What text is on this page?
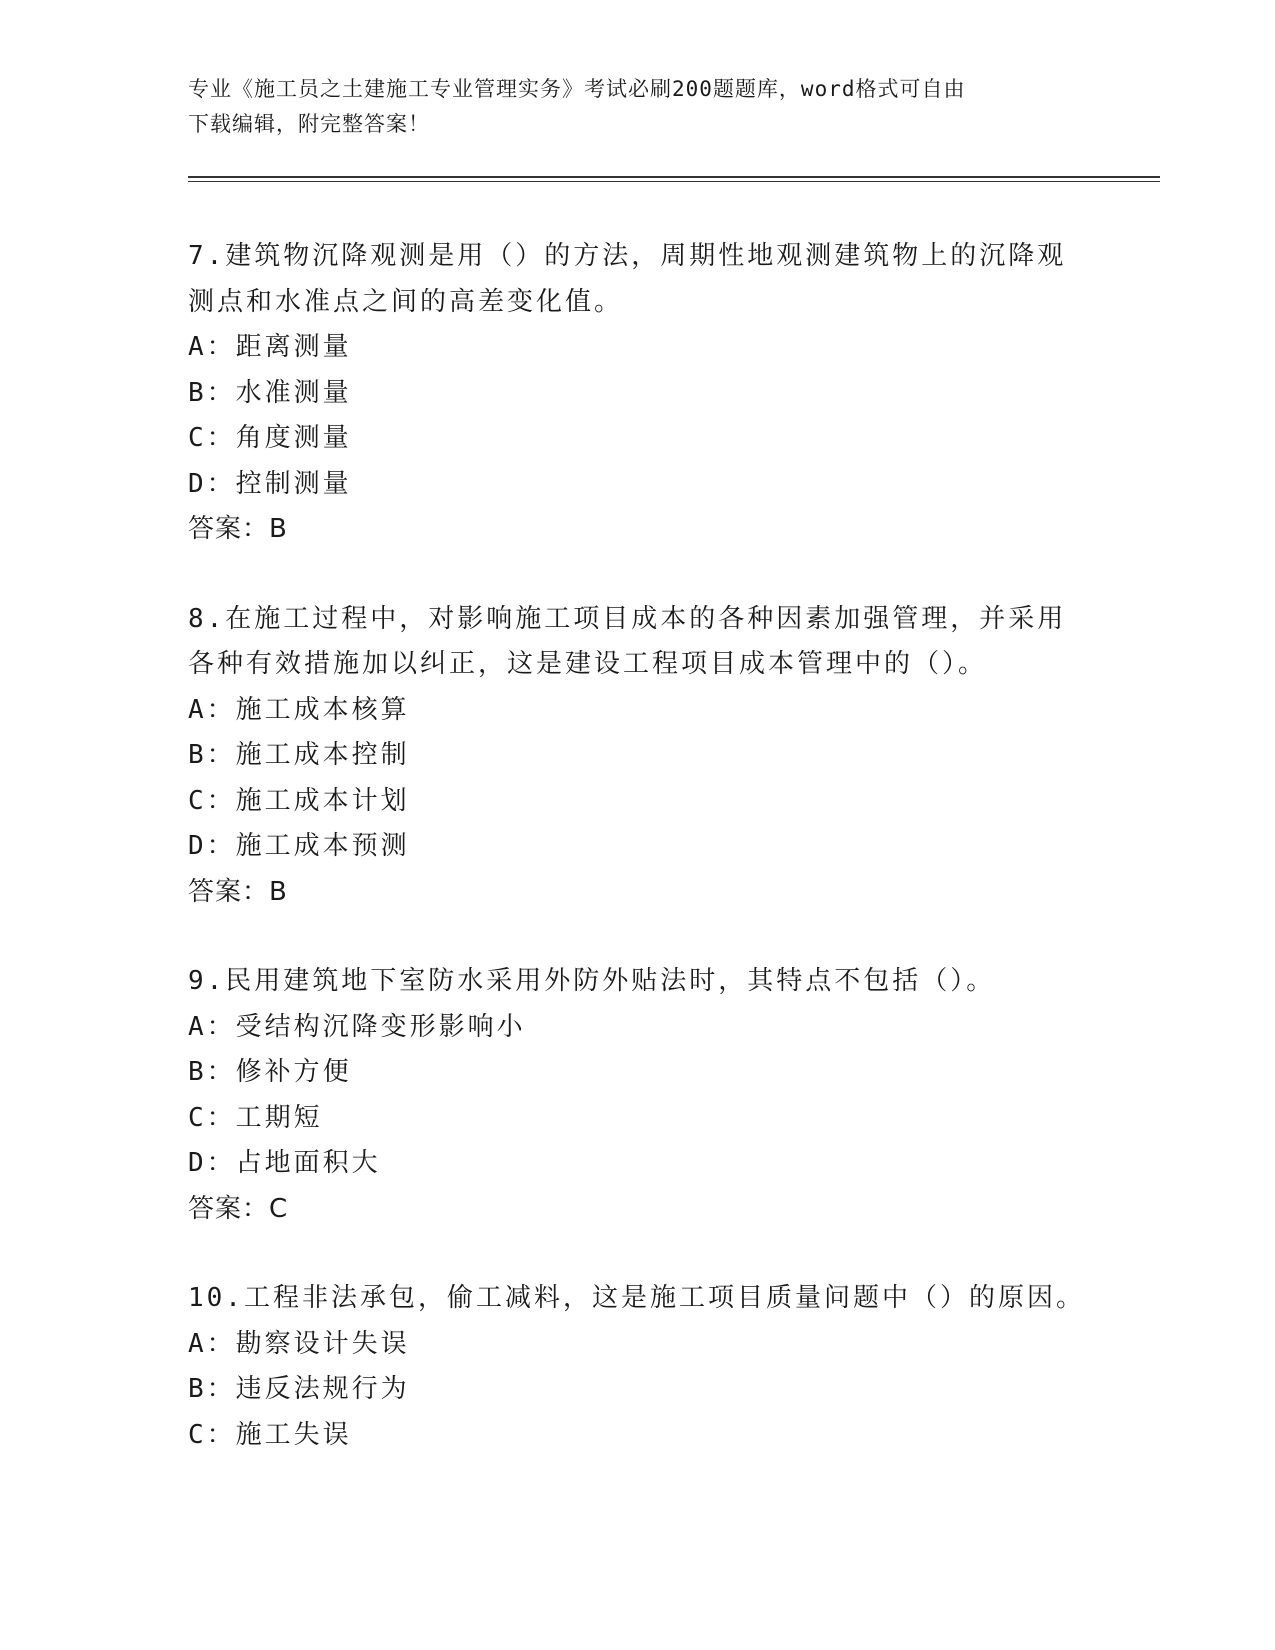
专业《施工员之土建施工专业管理实务》考试必刷200题题库，word格式可自由
下载编辑，附完整答案！
7.建筑物沉降观测是用（）的方法，周期性地观测建筑物上的沉降观
测点和水准点之间的高差变化值。
A：距离测量
B：水准测量
C：角度测量
D：控制测量
答案：B
8.在施工过程中，对影响施工项目成本的各种因素加强管理，并采用
各种有效措施加以纠正，这是建设工程项目成本管理中的（）。
A：施工成本核算
B：施工成本控制
C：施工成本计划
D：施工成本预测
答案：B
9.民用建筑地下室防水采用外防外贴法时，其特点不包括（）。
A：受结构沉降变形影响小
B：修补方便
C：工期短
D：占地面积大
答案：C
10.工程非法承包，偷工减料，这是施工项目质量问题中（）的原因。
A：勘察设计失误
B：违反法规行为
C：施工失误
